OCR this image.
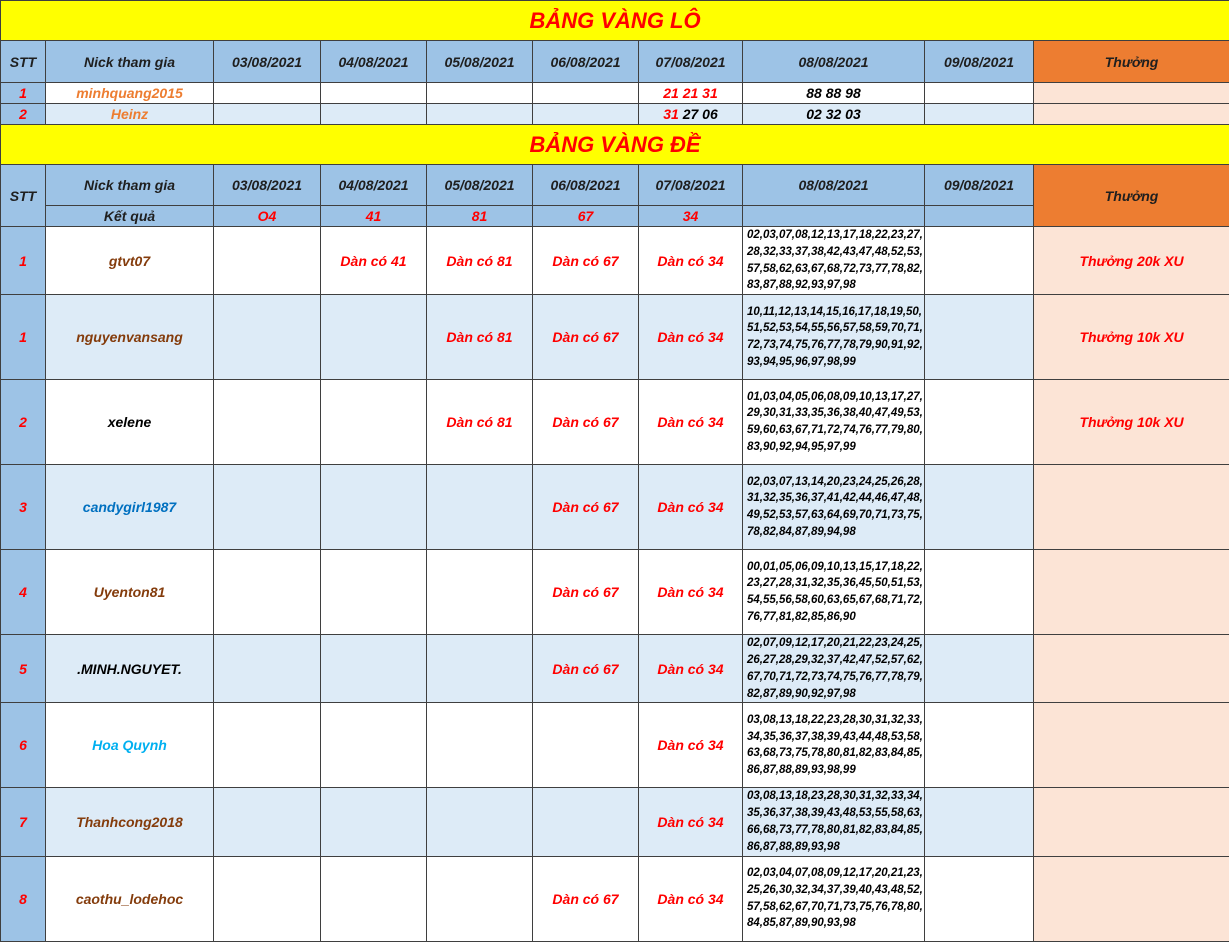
BẢNG VÀNG LÔ									
STT	Nick tham gia	03/08/2021	04/08/2021	05/08/2021	06/08/2021	07/08/2021	08/08/2021	09/08/2021	Thưởng
1	minhquang2015					21 21 31	88 88 98		
2	Heinz					31 27 06	02 32 03		
BẢNG VÀNG ĐỀ									
STT	Nick tham gia	03/08/2021	04/08/2021	05/08/2021	06/08/2021	07/08/2021	08/08/2021	09/08/2021	Thưởng
	Kết quả	O4	41	81	67	34			
1	gtvt07		Dàn có 41	Dàn có 81	Dàn có 67	Dàn có 34	02,03,07,08,12,13,17,18,22,23,27,28,32,33,37,38,42,43,47,48,52,53,57,58,62,63,67,68,72,73,77,78,82,83,87,88,92,93,97,98		Thưởng 20k XU
1	nguyenvansang			Dàn có 81	Dàn có 67	Dàn có 34	10,11,12,13,14,15,16,17,18,19,50,51,52,53,54,55,56,57,58,59,70,71,72,73,74,75,76,77,78,79,90,91,92,93,94,95,96,97,98,99		Thưởng 10k XU
2	xelene			Dàn có 81	Dàn có 67	Dàn có 34	01,03,04,05,06,08,09,10,13,17,27,29,30,31,33,35,36,38,40,47,49,53,59,60,63,67,71,72,74,76,77,79,80,83,90,92,94,95,97,99		Thưởng 10k XU
3	candygirl1987				Dàn có 67	Dàn có 34	02,03,07,13,14,20,23,24,25,26,28,31,32,35,36,37,41,42,44,46,47,48,49,52,53,57,63,64,69,70,71,73,75,78,82,84,87,89,94,98		
4	Uyenton81				Dàn có 67	Dàn có 34	00,01,05,06,09,10,13,15,17,18,22,23,27,28,31,32,35,36,45,50,51,53,54,55,56,58,60,63,65,67,68,71,72,76,77,81,82,85,86,90		
5	.MINH.NGUYET.				Dàn có 67	Dàn có 34	02,07,09,12,17,20,21,22,23,24,25,26,27,28,29,32,37,42,47,52,57,62,67,70,71,72,73,74,75,76,77,78,79,82,87,89,90,92,97,98		
6	Hoa Quynh					Dàn có 34	03,08,13,18,22,23,28,30,31,32,33,34,35,36,37,38,39,43,44,48,53,58,63,68,73,75,78,80,81,82,83,84,85,86,87,88,89,93,98,99		
7	Thanhcong2018					Dàn có 34	03,08,13,18,23,28,30,31,32,33,34,35,36,37,38,39,43,48,53,55,58,63,66,68,73,77,78,80,81,82,83,84,85,86,87,88,89,93,98		
8	caothu_lodehoc				Dàn có 67	Dàn có 34	02,03,04,07,08,09,12,17,20,21,23,25,26,30,32,34,37,39,40,43,48,52,57,58,62,67,70,71,73,75,76,78,80,84,85,87,89,90,93,98		
